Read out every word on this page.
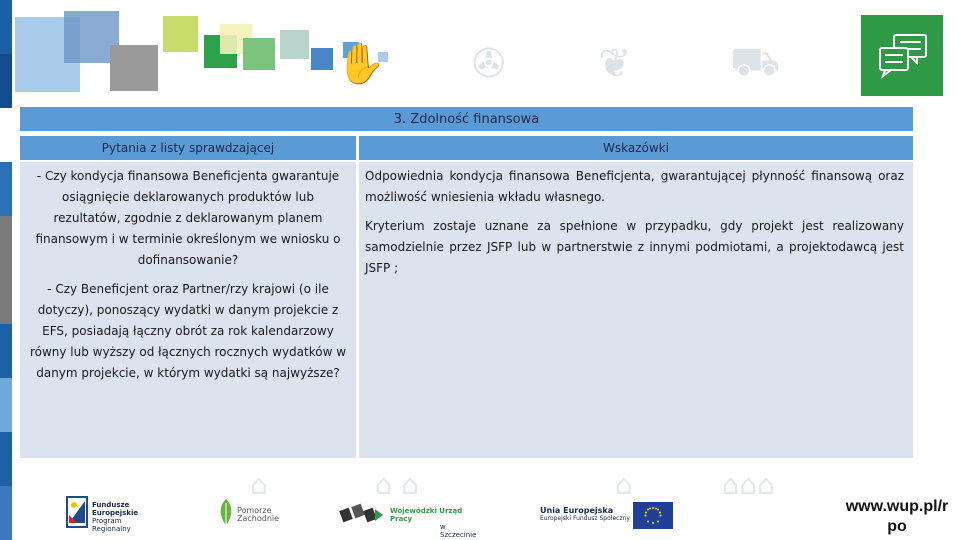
✋ ✇ ❦ ⛟
3. Zdolność finansowa
Pytania z listy sprawdzającej	Wskazówki

- Czy kondycja finansowa Beneficjenta gwarantuje osiągnięcie deklarowanych produktów lub rezultatów, zgodnie z deklarowanym planem finansowym i w terminie określonym we wniosku o dofinansowanie?

- Czy Beneficjent oraz Partner/rzy krajowi (o ile dotyczy), ponoszący wydatki w danym projekcie z EFS, posiadają łączny obrót za rok kalendarzowy równy lub wyższy od łącznych rocznych wydatków w danym projekcie, w którym wydatki są najwyższe?

Odpowiednia kondycja finansowa Beneficjenta, gwarantującej płynność finansową oraz możliwość wniesienia wkładu własnego.

Kryterium zostaje uznane za spełnione w przypadku, gdy projekt jest realizowany samodzielnie przez JSFP lub w partnerstwie z innymi podmiotami, a projektodawcą jest JSFP ;

⌂            ⌂ ⌂                      ⌂          ⌂⌂⌂
Fundusze
Europejskie
Program Regionalny
Pomorze
Zachodnie
Wojewódzki Urząd Pracy
w Szczecinie
Unia Europejska
Europejski Fundusz Społeczny
www.wup.pl/r po
